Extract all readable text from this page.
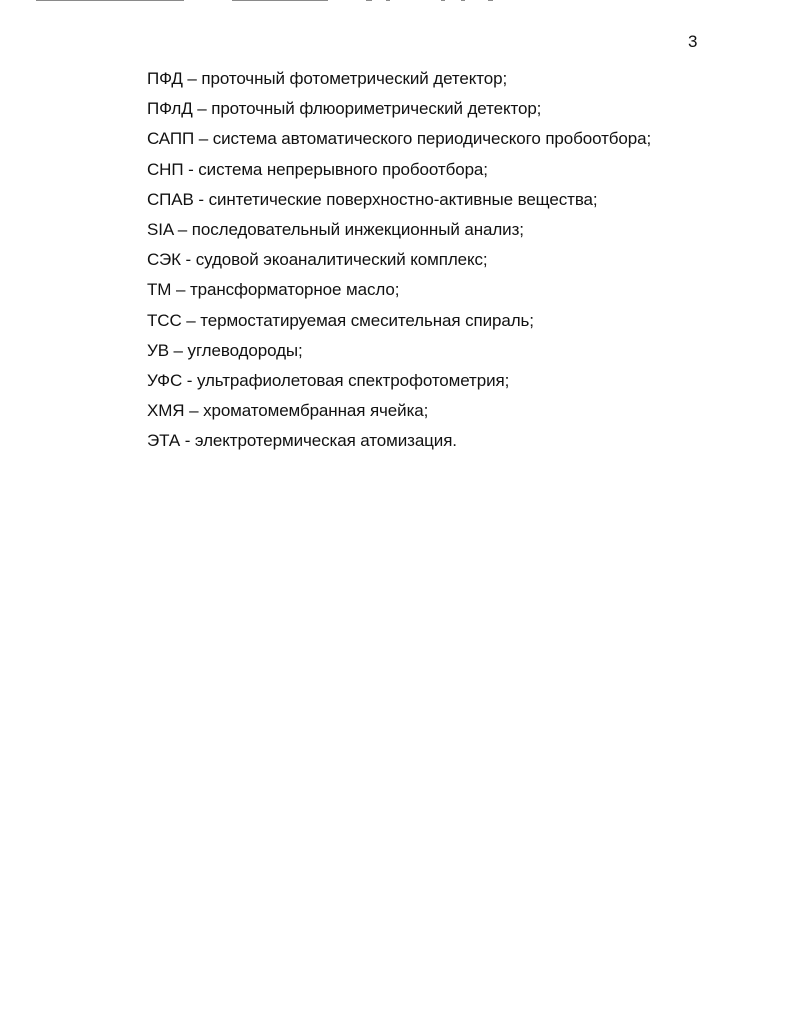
3
ПФД – проточный фотометрический детектор;
ПФлД – проточный флюориметрический детектор;
САПП – система автоматического периодического пробоотбора;
СНП - система непрерывного пробоотбора;
СПАВ - синтетические поверхностно-активные вещества;
SIA – последовательный инжекционный анализ;
СЭК - судовой экоаналитический комплекс;
ТМ – трансформаторное масло;
ТСС – термостатируемая смесительная спираль;
УВ – углеводороды;
УФС - ультрафиолетовая спектрофотометрия;
ХМЯ – хроматомембранная ячейка;
ЭТА - электротермическая атомизация.
